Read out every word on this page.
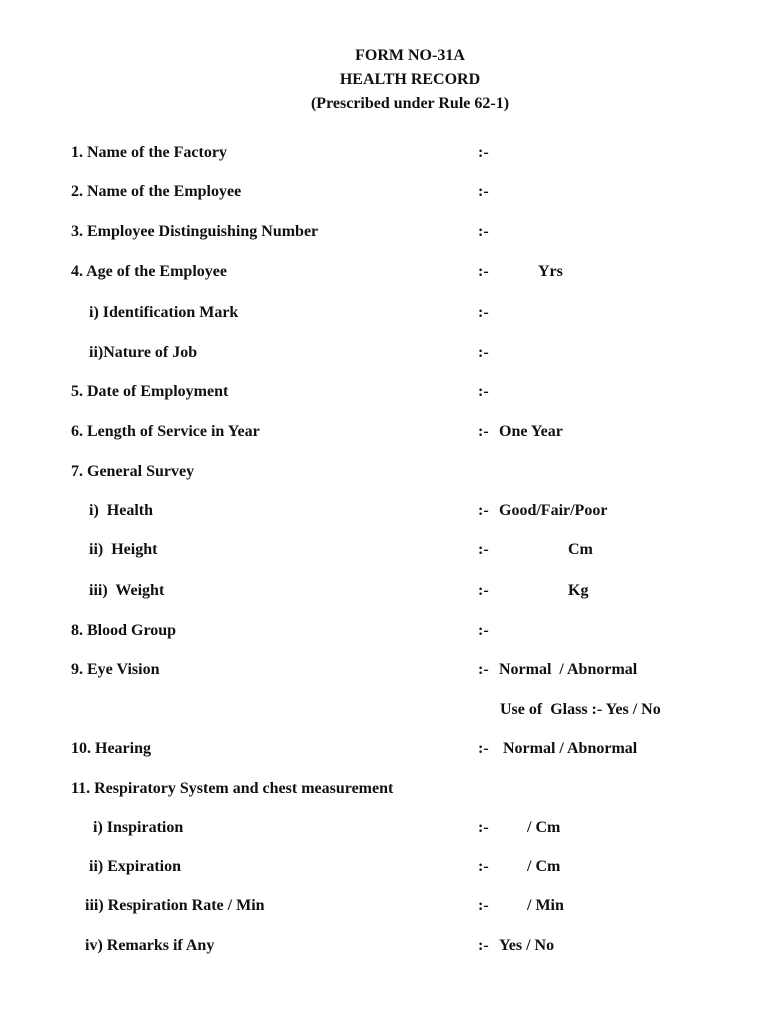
FORM NO-31A
HEALTH RECORD
(Prescribed under Rule 62-1)
1. Name of the Factory	:-
2. Name of the Employee	:-
3. Employee Distinguishing Number	:-
4. Age of the Employee	:-	Yrs
i) Identification Mark	:-
ii)Nature of Job	:-
5. Date of Employment	:-
6. Length of Service in Year	:- One Year
7. General Survey
i)  Health	:- Good/Fair/Poor
ii)  Height	:-	Cm
iii)  Weight	:-	Kg
8. Blood Group	:-
9. Eye Vision	:- Normal  / Abnormal
Use of  Glass :- Yes / No
10. Hearing	:- Normal / Abnormal
11. Respiratory System and chest measurement
i) Inspiration	:- / Cm
ii) Expiration	:- / Cm
iii) Respiration Rate / Min	:- / Min
iv) Remarks if Any	:- Yes / No
